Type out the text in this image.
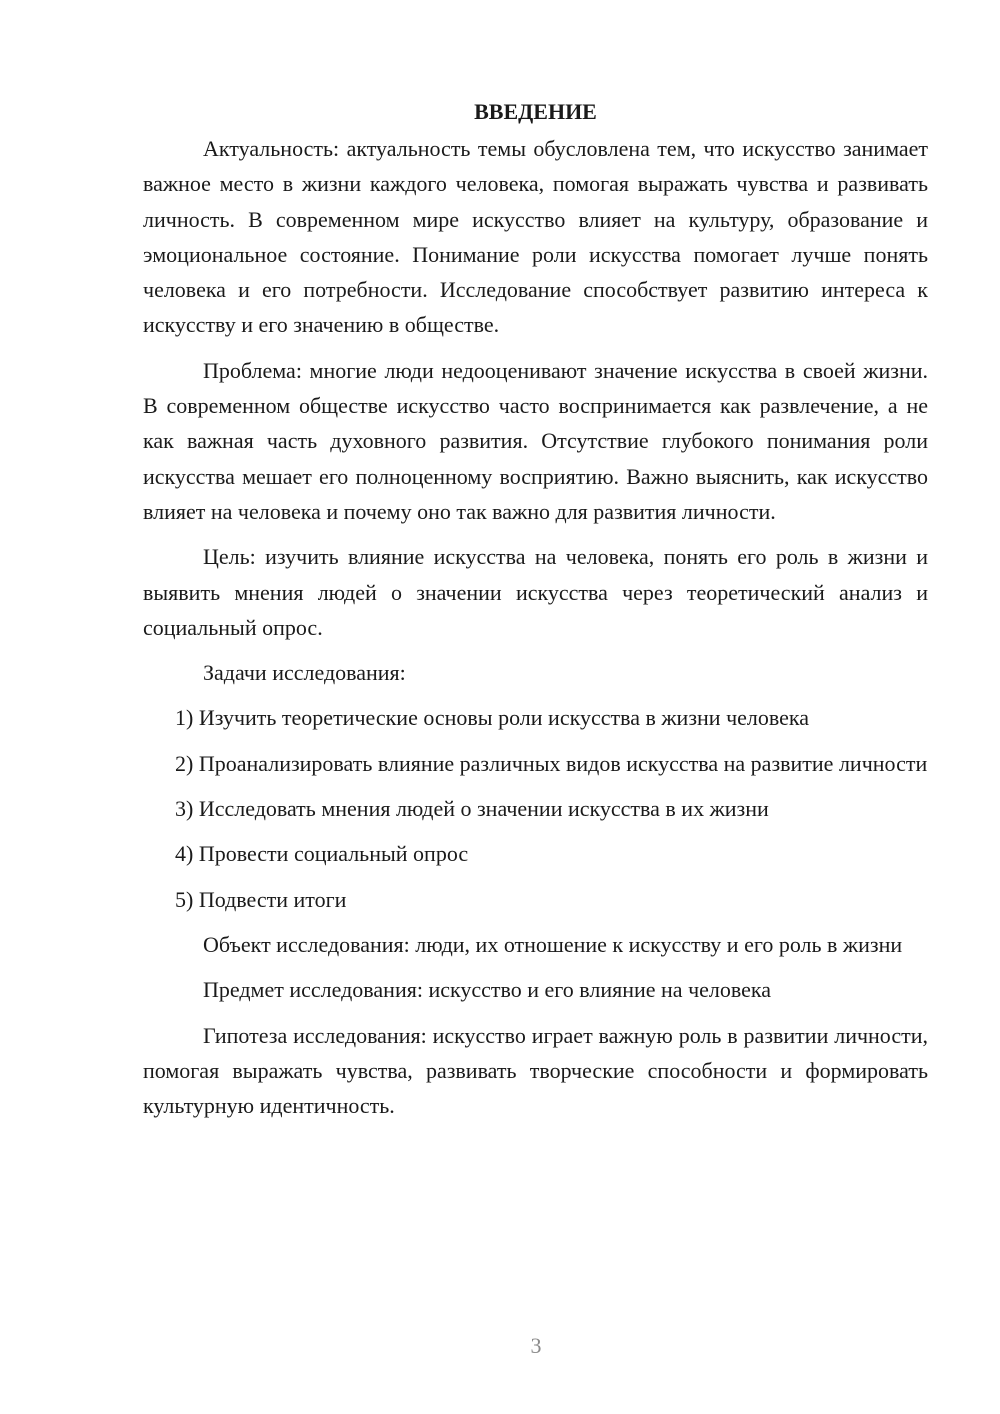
ВВЕДЕНИЕ

Актуальность: актуальность темы обусловлена тем, что искусство занимает важное место в жизни каждого человека, помогая выражать чувства и развивать личность. В современном мире искусство влияет на культуру, образование и эмоциональное состояние. Понимание роли искусства помогает лучше понять человека и его потребности. Исследование способствует развитию интереса к искусству и его значению в обществе.

Проблема: многие люди недооценивают значение искусства в своей жизни. В современном обществе искусство часто воспринимается как развлечение, а не как важная часть духовного развития. Отсутствие глубокого понимания роли искусства мешает его полноценному восприятию. Важно выяснить, как искусство влияет на человека и почему оно так важно для развития личности.

Цель: изучить влияние искусства на человека, понять его роль в жизни и выявить мнения людей о значении искусства через теоретический анализ и социальный опрос.

Задачи исследования:

1) Изучить теоретические основы роли искусства в жизни человека

2) Проанализировать влияние различных видов искусства на развитие личности

3) Исследовать мнения людей о значении искусства в их жизни

4) Провести социальный опрос

5) Подвести итоги

Объект исследования: люди, их отношение к искусству и его роль в жизни

Предмет исследования: искусство и его влияние на человека

Гипотеза исследования: искусство играет важную роль в развитии личности, помогая выражать чувства, развивать творческие способности и формировать культурную идентичность.

3
